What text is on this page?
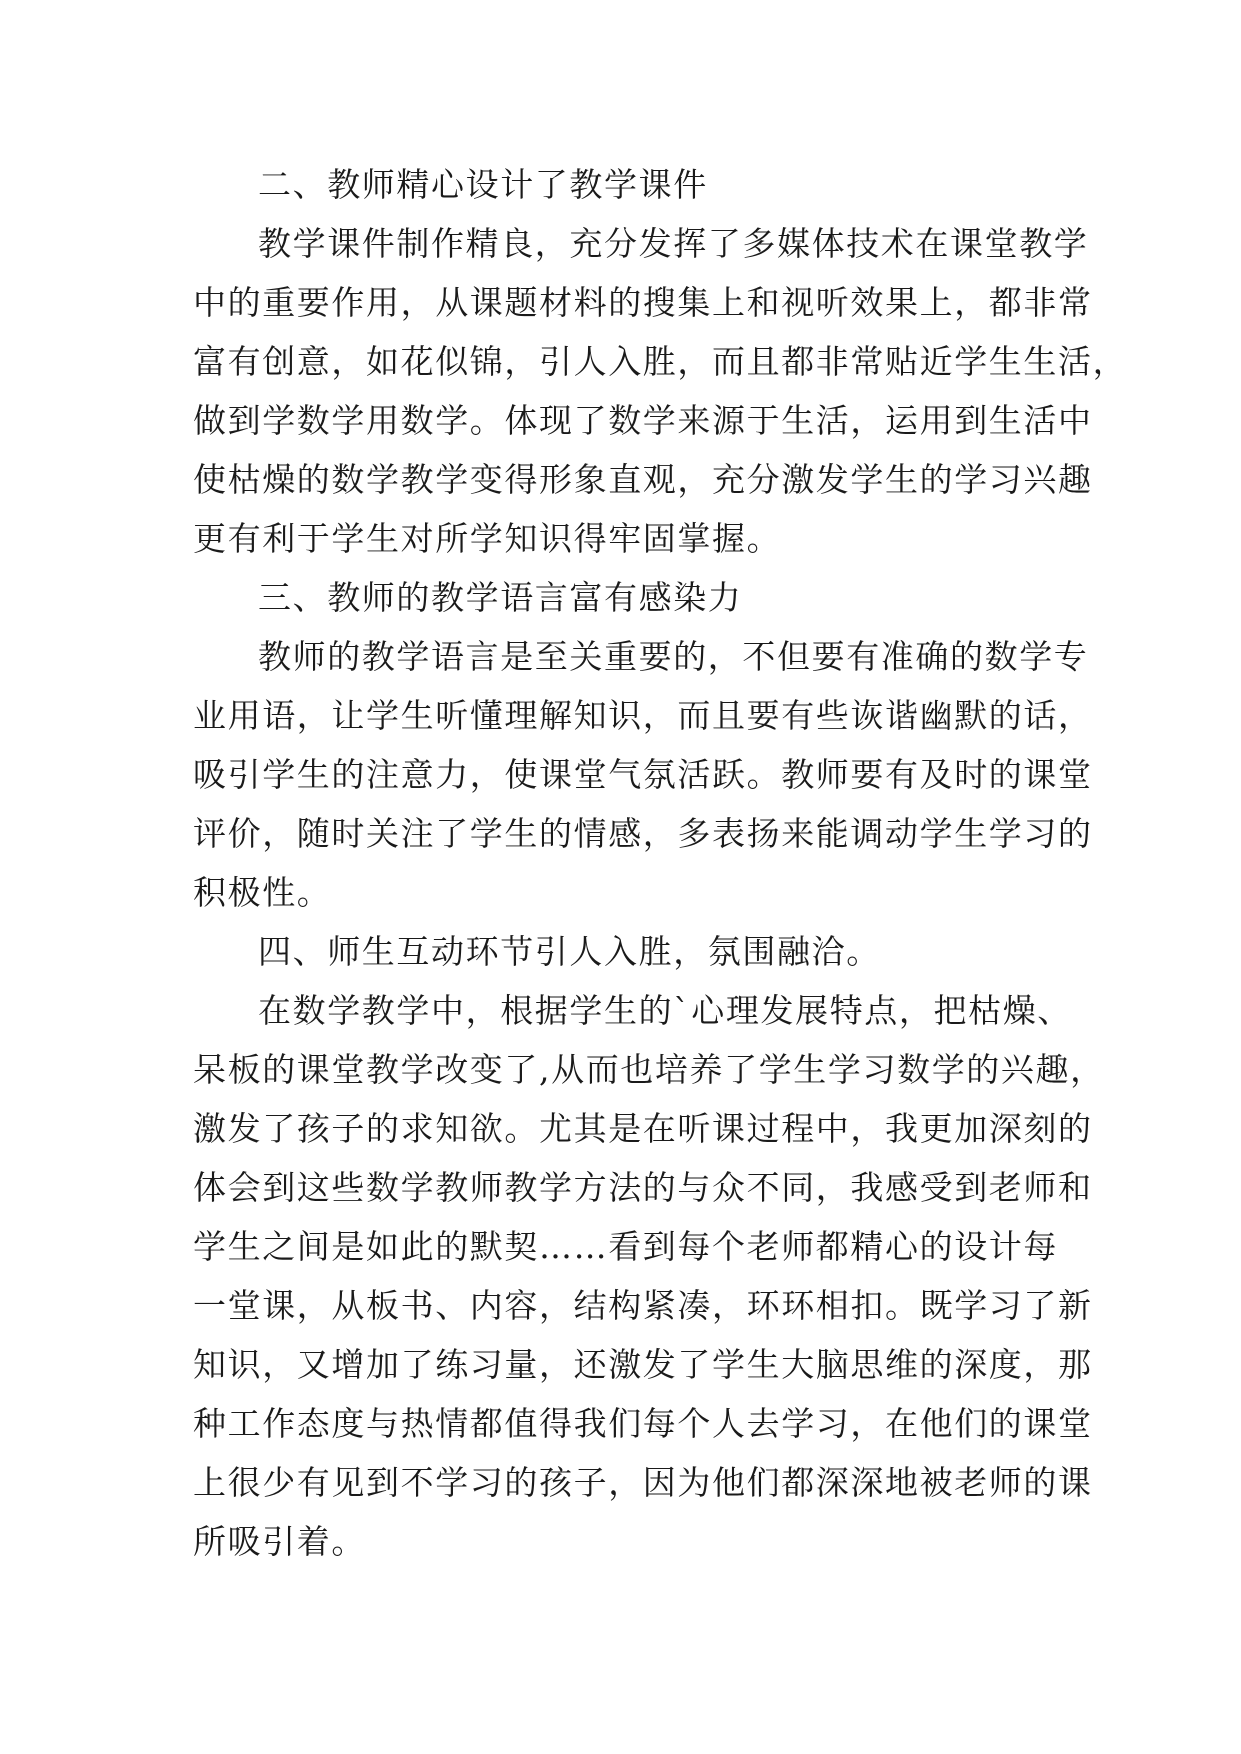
二、教师精心设计了教学课件
教学课件制作精良，充分发挥了多媒体技术在课堂教学
中的重要作用，从课题材料的搜集上和视听效果上，都非常
富有创意，如花似锦，引人入胜，而且都非常贴近学生生活，
做到学数学用数学。体现了数学来源于生活，运用到生活中
使枯燥的数学教学变得形象直观，充分激发学生的学习兴趣
更有利于学生对所学知识得牢固掌握。
三、教师的教学语言富有感染力
教师的教学语言是至关重要的，不但要有准确的数学专
业用语，让学生听懂理解知识，而且要有些诙谐幽默的话，
吸引学生的注意力，使课堂气氛活跃。教师要有及时的课堂
评价，随时关注了学生的情感，多表扬来能调动学生学习的
积极性。
四、师生互动环节引人入胜，氛围融洽。
在数学教学中，根据学生的`心理发展特点，把枯燥、
呆板的课堂教学改变了,从而也培养了学生学习数学的兴趣，
激发了孩子的求知欲。尤其是在听课过程中，我更加深刻的
体会到这些数学教师教学方法的与众不同，我感受到老师和
学生之间是如此的默契……看到每个老师都精心的设计每
一堂课，从板书、内容，结构紧凑，环环相扣。既学习了新
知识，又增加了练习量，还激发了学生大脑思维的深度，那
种工作态度与热情都值得我们每个人去学习，在他们的课堂
上很少有见到不学习的孩子，因为他们都深深地被老师的课
所吸引着。
